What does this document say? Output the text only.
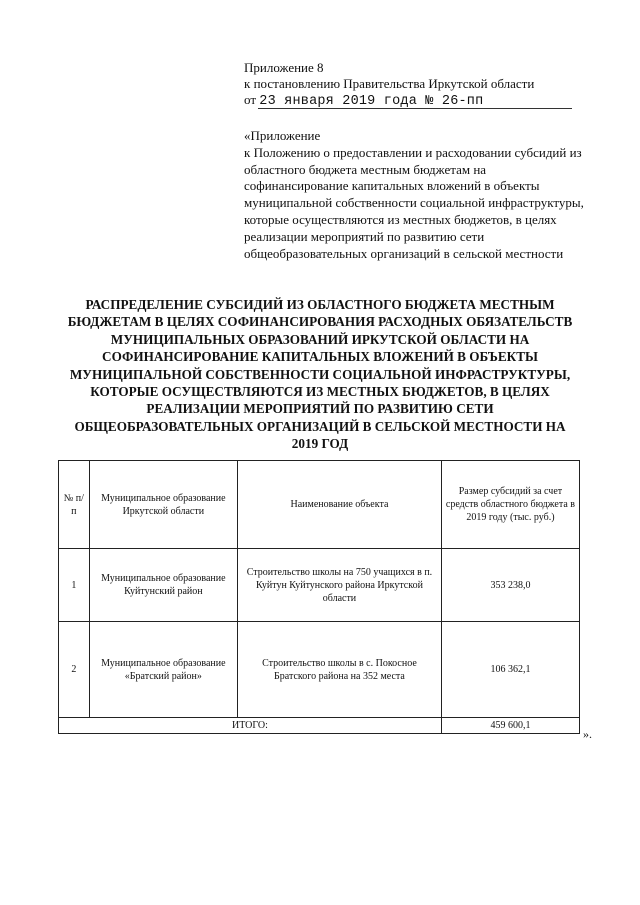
Приложение 8
к постановлению Правительства Иркутской области
от 23 января 2019 года № 26-пп
«Приложение
к Положению о предоставлении и расходовании субсидий из
областного бюджета местным бюджетам на
софинансирование капитальных вложений в объекты
муниципальной собственности социальной инфраструктуры,
которые осуществляются из местных бюджетов, в целях
реализации мероприятий по развитию сети
общеобразовательных организаций в сельской местности
РАСПРЕДЕЛЕНИЕ СУБСИДИЙ ИЗ ОБЛАСТНОГО БЮДЖЕТА МЕСТНЫМ
БЮДЖЕТАМ В ЦЕЛЯХ СОФИНАНСИРОВАНИЯ РАСХОДНЫХ ОБЯЗАТЕЛЬСТВ
МУНИЦИПАЛЬНЫХ ОБРАЗОВАНИЙ ИРКУТСКОЙ ОБЛАСТИ НА
СОФИНАНСИРОВАНИЕ КАПИТАЛЬНЫХ ВЛОЖЕНИЙ В ОБЪЕКТЫ
МУНИЦИПАЛЬНОЙ СОБСТВЕННОСТИ СОЦИАЛЬНОЙ ИНФРАСТРУКТУРЫ,
КОТОРЫЕ ОСУЩЕСТВЛЯЮТСЯ ИЗ МЕСТНЫХ БЮДЖЕТОВ, В ЦЕЛЯХ
РЕАЛИЗАЦИИ МЕРОПРИЯТИЙ ПО РАЗВИТИЮ СЕТИ
ОБЩЕОБРАЗОВАТЕЛЬНЫХ ОРГАНИЗАЦИЙ В СЕЛЬСКОЙ МЕСТНОСТИ НА
2019 ГОД
№ п/п	Муниципальное образование Иркутской области	Наименование объекта	Размер субсидий за счет средств областного бюджета в 2019 году (тыс. руб.)
1	Муниципальное образование Куйтунский район	Строительство школы на 750 учащихся в п. Куйтун Куйтунского района Иркутской области	353 238,0
2	Муниципальное образование «Братский район»	Строительство школы в с. Покосное Братского района на 352 места	106 362,1
ИТОГО:			459 600,1
».
